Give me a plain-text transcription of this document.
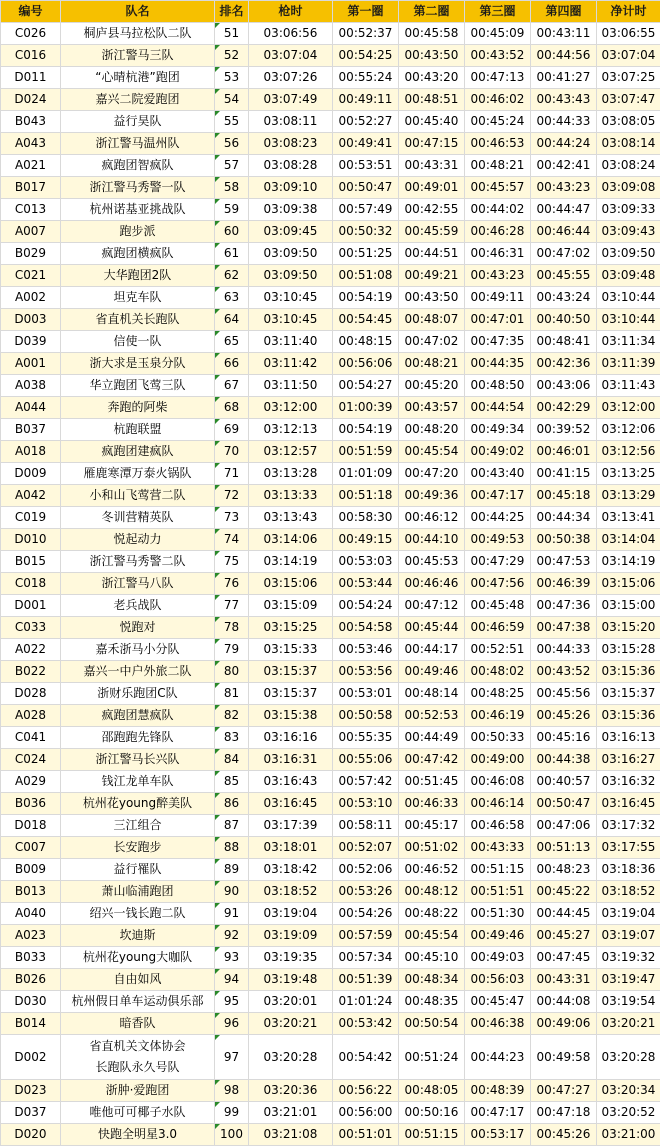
编号	队名	排名	枪时	第一圈	第二圈	第三圈	第四圈	净计时
C026	桐庐县马拉松队二队	51	03:06:56	00:52:37	00:45:58	00:45:09	00:43:11	03:06:55
C016	浙江警马三队	52	03:07:04	00:54:25	00:43:50	00:43:52	00:44:56	03:07:04
D011	“心晴杭港”跑团	53	03:07:26	00:55:24	00:43:20	00:47:13	00:41:27	03:07:25
D024	嘉兴二院爱跑团	54	03:07:49	00:49:11	00:48:51	00:46:02	00:43:43	03:07:47
B043	益行昊队	55	03:08:11	00:52:27	00:45:40	00:45:24	00:44:33	03:08:05
A043	浙江警马温州队	56	03:08:23	00:49:41	00:47:15	00:46:53	00:44:24	03:08:14
A021	疯跑团智疯队	57	03:08:28	00:53:51	00:43:31	00:48:21	00:42:41	03:08:24
B017	浙江警马秀警一队	58	03:09:10	00:50:47	00:49:01	00:45:57	00:43:23	03:09:08
C013	杭州诺基亚挑战队	59	03:09:38	00:57:49	00:42:55	00:44:02	00:44:47	03:09:33
A007	跑步派	60	03:09:45	00:50:32	00:45:59	00:46:28	00:46:44	03:09:43
B029	疯跑团横疯队	61	03:09:50	00:51:25	00:44:51	00:46:31	00:47:02	03:09:50
C021	大华跑团2队	62	03:09:50	00:51:08	00:49:21	00:43:23	00:45:55	03:09:48
A002	坦克车队	63	03:10:45	00:54:19	00:43:50	00:49:11	00:43:24	03:10:44
D003	省直机关长跑队	64	03:10:45	00:54:45	00:48:07	00:47:01	00:40:50	03:10:44
D039	信使一队	65	03:11:40	00:48:15	00:47:02	00:47:35	00:48:41	03:11:34
A001	浙大求是玉泉分队	66	03:11:42	00:56:06	00:48:21	00:44:35	00:42:36	03:11:39
A038	华立跑团飞莺三队	67	03:11:50	00:54:27	00:45:20	00:48:50	00:43:06	03:11:43
A044	奔跑的阿柴	68	03:12:00	01:00:39	00:43:57	00:44:54	00:42:29	03:12:00
B037	杭跑联盟	69	03:12:13	00:54:19	00:48:20	00:49:34	00:39:52	03:12:06
A018	疯跑团建疯队	70	03:12:57	00:51:59	00:45:54	00:49:02	00:46:01	03:12:56
D009	雁鹿寒潭万泰火锅队	71	03:13:28	01:01:09	00:47:20	00:43:40	00:41:15	03:13:25
A042	小和山飞莺营二队	72	03:13:33	00:51:18	00:49:36	00:47:17	00:45:18	03:13:29
C019	冬训营精英队	73	03:13:43	00:58:30	00:46:12	00:44:25	00:44:34	03:13:41
D010	悦起动力	74	03:14:06	00:49:15	00:44:10	00:49:53	00:50:38	03:14:04
B015	浙江警马秀警二队	75	03:14:19	00:53:03	00:45:53	00:47:29	00:47:53	03:14:19
C018	浙江警马八队	76	03:15:06	00:53:44	00:46:46	00:47:56	00:46:39	03:15:06
D001	老兵战队	77	03:15:09	00:54:24	00:47:12	00:45:48	00:47:36	03:15:00
C033	悦跑对	78	03:15:25	00:54:58	00:45:44	00:46:59	00:47:38	03:15:20
A022	嘉禾浙马小分队	79	03:15:33	00:53:46	00:44:17	00:52:51	00:44:33	03:15:28
B022	嘉兴一中户外旅二队	80	03:15:37	00:53:56	00:49:46	00:48:02	00:43:52	03:15:36
D028	浙财乐跑团C队	81	03:15:37	00:53:01	00:48:14	00:48:25	00:45:56	03:15:37
A028	疯跑团慧疯队	82	03:15:38	00:50:58	00:52:53	00:46:19	00:45:26	03:15:36
C041	邵跑跑先锋队	83	03:16:16	00:55:35	00:44:49	00:50:33	00:45:16	03:16:13
C024	浙江警马长兴队	84	03:16:31	00:55:06	00:47:42	00:49:00	00:44:38	03:16:27
A029	钱江龙单车队	85	03:16:43	00:57:42	00:51:45	00:46:08	00:40:57	03:16:32
B036	杭州花young醉美队	86	03:16:45	00:53:10	00:46:33	00:46:14	00:50:47	03:16:45
D018	三江组合	87	03:17:39	00:58:11	00:45:17	00:46:58	00:47:06	03:17:32
C007	长安跑步	88	03:18:01	00:52:07	00:51:02	00:43:33	00:51:13	03:17:55
B009	益行罹队	89	03:18:42	00:52:06	00:46:52	00:51:15	00:48:23	03:18:36
B013	萧山临浦跑团	90	03:18:52	00:53:26	00:48:12	00:51:51	00:45:22	03:18:52
A040	绍兴一钱长跑二队	91	03:19:04	00:54:26	00:48:22	00:51:30	00:44:45	03:19:04
A023	坎迪斯	92	03:19:09	00:57:59	00:45:54	00:49:46	00:45:27	03:19:07
B033	杭州花young大咖队	93	03:19:35	00:57:34	00:45:10	00:49:03	00:47:45	03:19:32
B026	自由如风	94	03:19:48	00:51:39	00:48:34	00:56:03	00:43:31	03:19:47
D030	杭州假日单车运动俱乐部	95	03:20:01	01:01:24	00:48:35	00:45:47	00:44:08	03:19:54
B014	暗香队	96	03:20:21	00:53:42	00:50:54	00:46:38	00:49:06	03:20:21
D002	省直机关文体协会
长跑队永久号队	97	03:20:28	00:54:42	00:51:24	00:44:23	00:49:58	03:20:28
D023	浙肿·爱跑团	98	03:20:36	00:56:22	00:48:05	00:48:39	00:47:27	03:20:34
D037	唯他可可椰子水队	99	03:21:01	00:56:00	00:50:16	00:47:17	00:47:18	03:20:52
D020	快跑全明星3.0	100	03:21:08	00:51:01	00:51:15	00:53:17	00:45:26	03:21:00
